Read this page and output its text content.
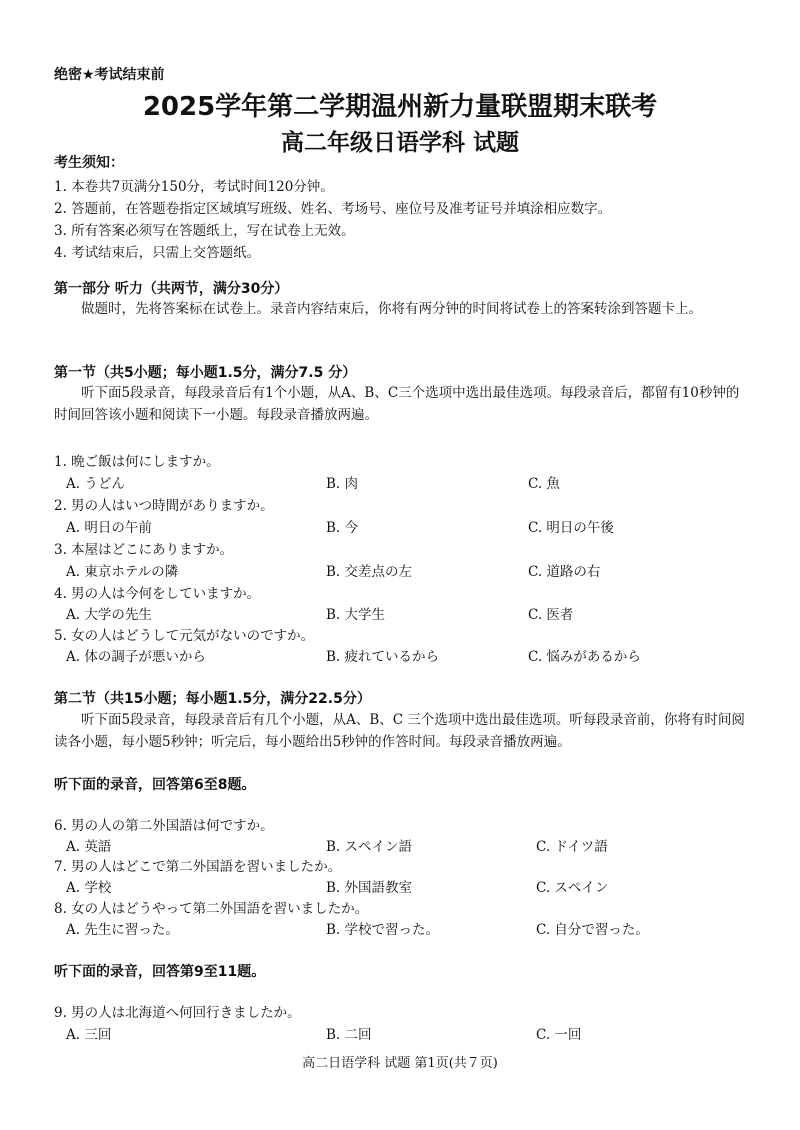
绝密★考试结束前
2025学年第二学期温州新力量联盟期末联考
高二年级日语学科 试题
考生须知：
1. 本卷共7页满分150分，考试时间120分钟。
2. 答题前，在答题卷指定区域填写班级、姓名、考场号、座位号及准考证号并填涂相应数字。
3. 所有答案必须写在答题纸上，写在试卷上无效。
4. 考试结束后，只需上交答题纸。
第一部分 听力（共两节，满分30分）
做题时，先将答案标在试卷上。录音内容结束后，你将有两分钟的时间将试卷上的答案转涂到答题卡上。
第一节（共5小题；每小题1.5分，满分7.5 分）
听下面5段录音，每段录音后有1个小题，从A、B、C三个选项中选出最佳选项。每段录音后，都留有10秒钟的时间回答该小题和阅读下一小题。每段录音播放两遍。
1. 晩ご飯は何にしますか。
A. うどん	B. 肉	C. 魚
2. 男の人はいつ時間がありますか。
A. 明日の午前	B. 今	C. 明日の午後
3. 本屋はどこにありますか。
A. 東京ホテルの隣	B. 交差点の左	C. 道路の右
4. 男の人は今何をしていますか。
A. 大学の先生	B. 大学生	C. 医者
5. 女の人はどうして元気がないのですか。
A. 体の調子が悪いから	B. 疲れているから	C. 悩みがあるから
第二节（共15小题；每小题1.5分，满分22.5分）
听下面5段录音，每段录音后有几个小题，从A、B、C 三个选项中选出最佳选项。听每段录音前，你将有时间阅读各小题，每小题5秒钟；听完后，每小题给出5秒钟的作答时间。每段录音播放两遍。
听下面的录音，回答第6至8题。
6. 男の人の第二外国語は何ですか。
A. 英語	B. スペイン語	C. ドイツ語
7. 男の人はどこで第二外国語を習いましたか。
A. 学校	B. 外国語教室	C. スペイン
8. 女の人はどうやって第二外国語を習いましたか。
A. 先生に習った。	B. 学校で習った。	C. 自分で習った。
听下面的录音，回答第9至11题。
9. 男の人は北海道へ何回行きましたか。
A. 三回	B. 二回	C. 一回
高二日语学科 试题 第1页(共７页)
